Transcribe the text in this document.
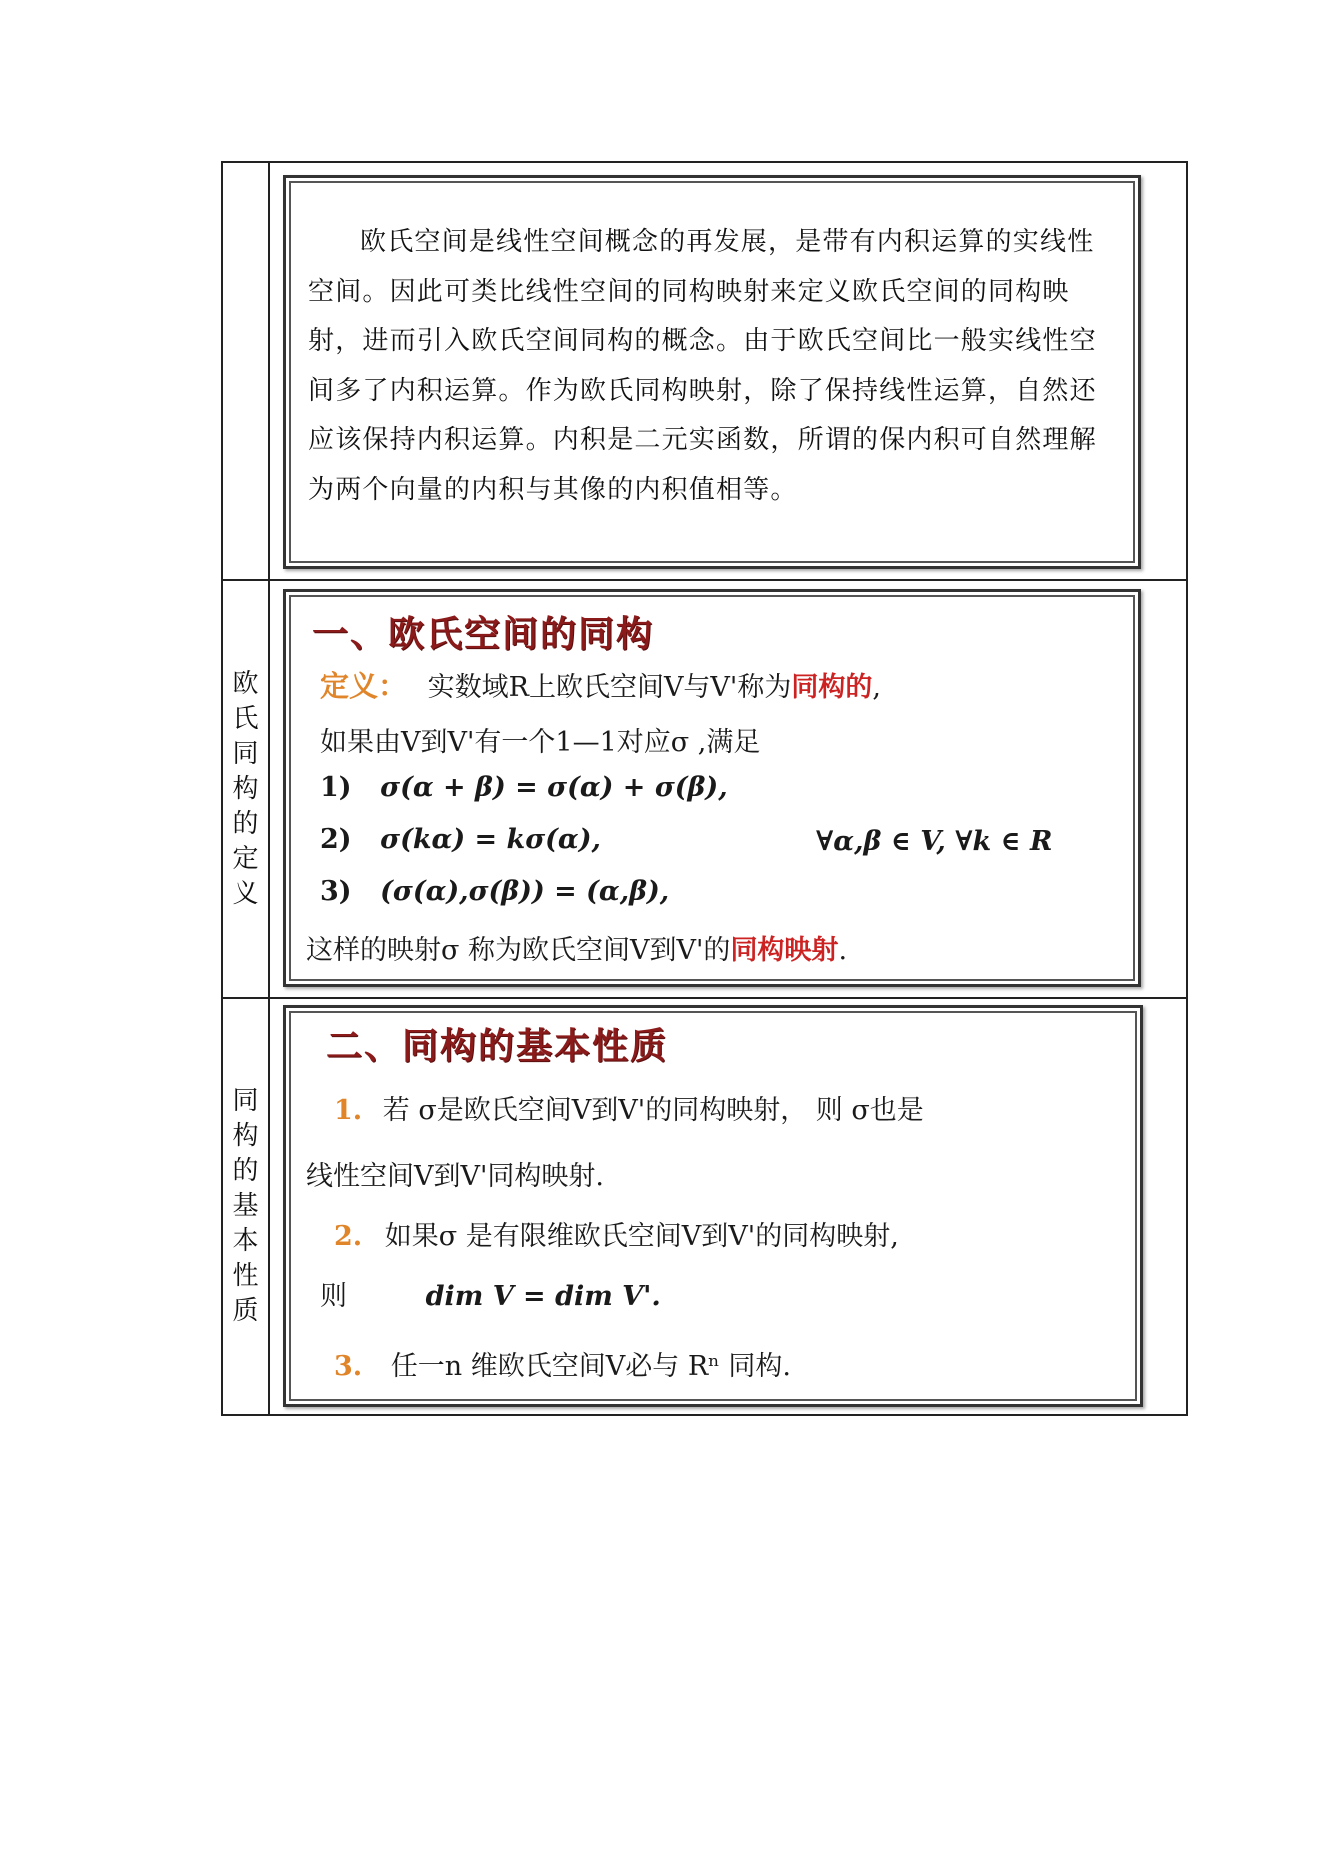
欧氏空间是线性空间概念的再发展，是带有内积运算的实线性空间。因此可类比线性空间的同构映射来定义欧氏空间的同构映射，进而引入欧氏空间同构的概念。由于欧氏空间比一般实线性空间多了内积运算。作为欧氏同构映射，除了保持线性运算，自然还应该保持内积运算。内积是二元实函数，所谓的保内积可自然理解为两个向量的内积与其像的内积值相等。

欧氏同构的定义
一、欧氏空间的同构
定义： 实数域R上欧氏空间V与V'称为同构的,
如果由V到V'有一个1—1对应σ ,满足
1) σ(α + β) = σ(α) + σ(β),
2) σ(kα) = kσ(α),	∀α,β ∈ V, ∀k ∈ R
3) (σ(α),σ(β)) = (α,β),
这样的映射σ 称为欧氏空间V到V'的同构映射.
同构的基本性质
二、同构的基本性质
1. 若 σ是欧氏空间V到V'的同构映射， 则 σ也是
线性空间V到V'同构映射.
2. 如果σ 是有限维欧氏空间V到V'的同构映射,
则	dim V = dim V'.
3. 任一n 维欧氏空间V必与 Rⁿ 同构.
